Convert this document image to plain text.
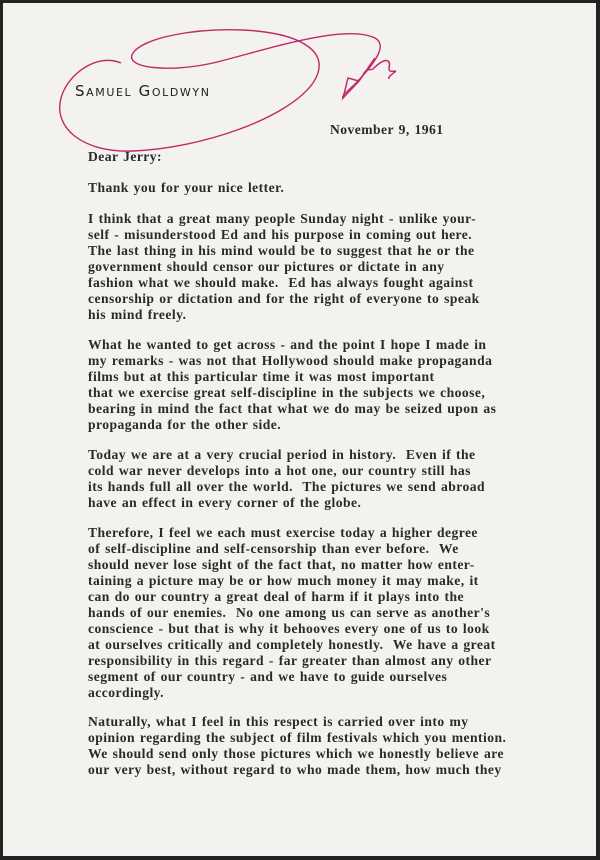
Samuel Goldwyn
November 9, 1961
Dear Jerry:
Thank you for your nice letter.
I think that a great many people Sunday night - unlike your-
self - misunderstood Ed and his purpose in coming out here.
The last thing in his mind would be to suggest that he or the
government should censor our pictures or dictate in any
fashion what we should make.  Ed has always fought against
censorship or dictation and for the right of everyone to speak
his mind freely.
What he wanted to get across - and the point I hope I made in
my remarks - was not that Hollywood should make propaganda
films but at this particular time it was most important
that we exercise great self-discipline in the subjects we choose,
bearing in mind the fact that what we do may be seized upon as
propaganda for the other side.
Today we are at a very crucial period in history.  Even if the
cold war never develops into a hot one, our country still has
its hands full all over the world.  The pictures we send abroad
have an effect in every corner of the globe.
Therefore, I feel we each must exercise today a higher degree
of self-discipline and self-censorship than ever before.  We
should never lose sight of the fact that, no matter how enter-
taining a picture may be or how much money it may make, it
can do our country a great deal of harm if it plays into the
hands of our enemies.  No one among us can serve as another's
conscience - but that is why it behooves every one of us to look
at ourselves critically and completely honestly.  We have a great
responsibility in this regard - far greater than almost any other
segment of our country - and we have to guide ourselves
accordingly.
Naturally, what I feel in this respect is carried over into my
opinion regarding the subject of film festivals which you mention.
We should send only those pictures which we honestly believe are
our very best, without regard to who made them, how much they
